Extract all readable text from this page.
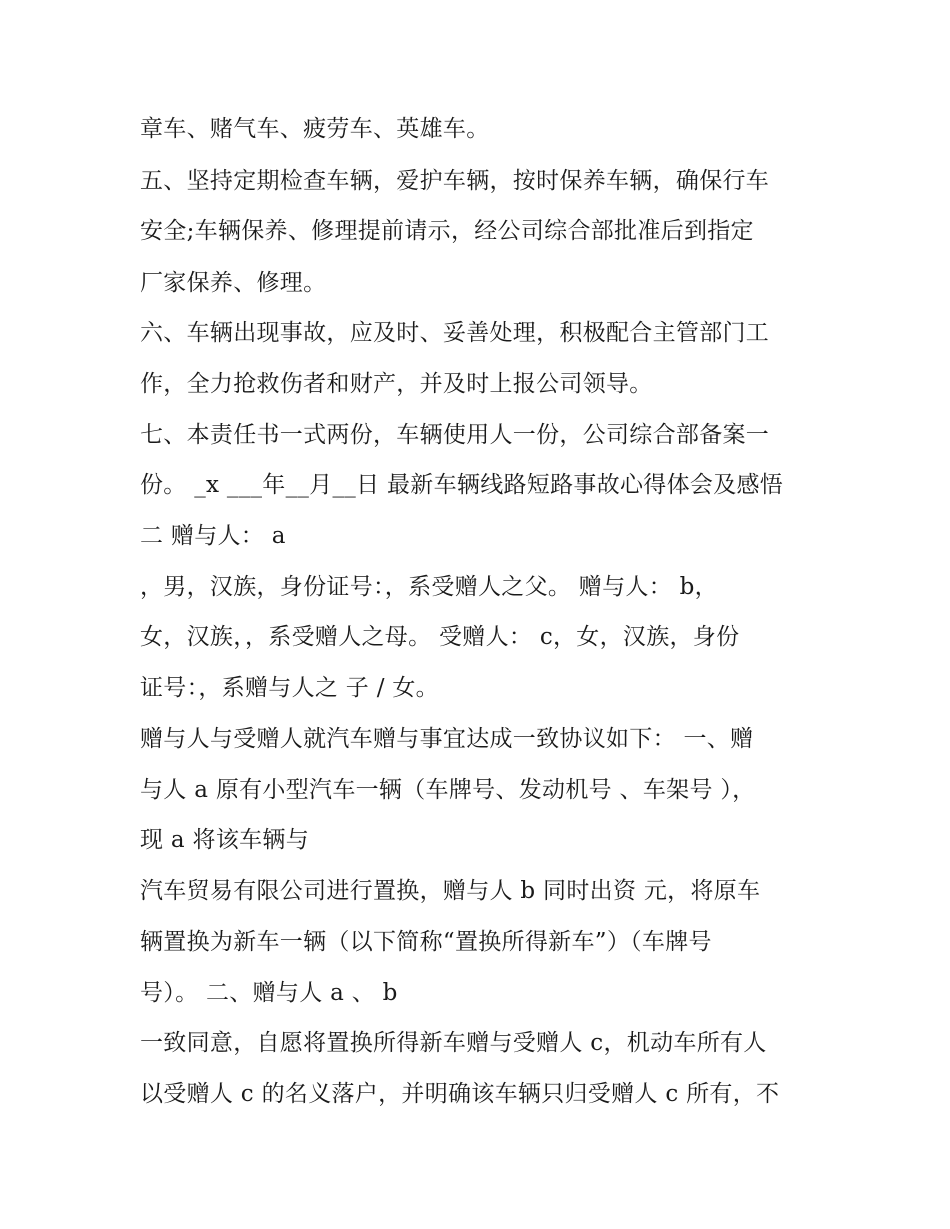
章车、赌气车、疲劳车、英雄车。
五、坚持定期检查车辆，爱护车辆，按时保养车辆，确保行车
安全;车辆保养、修理提前请示，经公司综合部批准后到指定
厂家保养、修理。
六、车辆出现事故，应及时、妥善处理，积极配合主管部门工
作，全力抢救伤者和财产，并及时上报公司领导。
七、本责任书一式两份，车辆使用人一份，公司综合部备案一
份。 _x ___年__月__日 最新车辆线路短路事故心得体会及感悟
二 赠与人： a
，男，汉族，身份证号：，系受赠人之父。 赠与人： b，
女，汉族，，系受赠人之母。 受赠人： c，女，汉族，身份
证号：，系赠与人之 子 / 女。
赠与人与受赠人就汽车赠与事宜达成一致协议如下： 一、赠
与人 a 原有小型汽车一辆（车牌号、发动机号 、车架号 ），
现 a 将该车辆与
汽车贸易有限公司进行置换，赠与人 b 同时出资 元，将原车
辆置换为新车一辆（以下简称“置换所得新车”）（车牌号
号）。 二、赠与人 a 、 b
一致同意，自愿将置换所得新车赠与受赠人 c，机动车所有人
以受赠人 c 的名义落户，并明确该车辆只归受赠人 c 所有，不
